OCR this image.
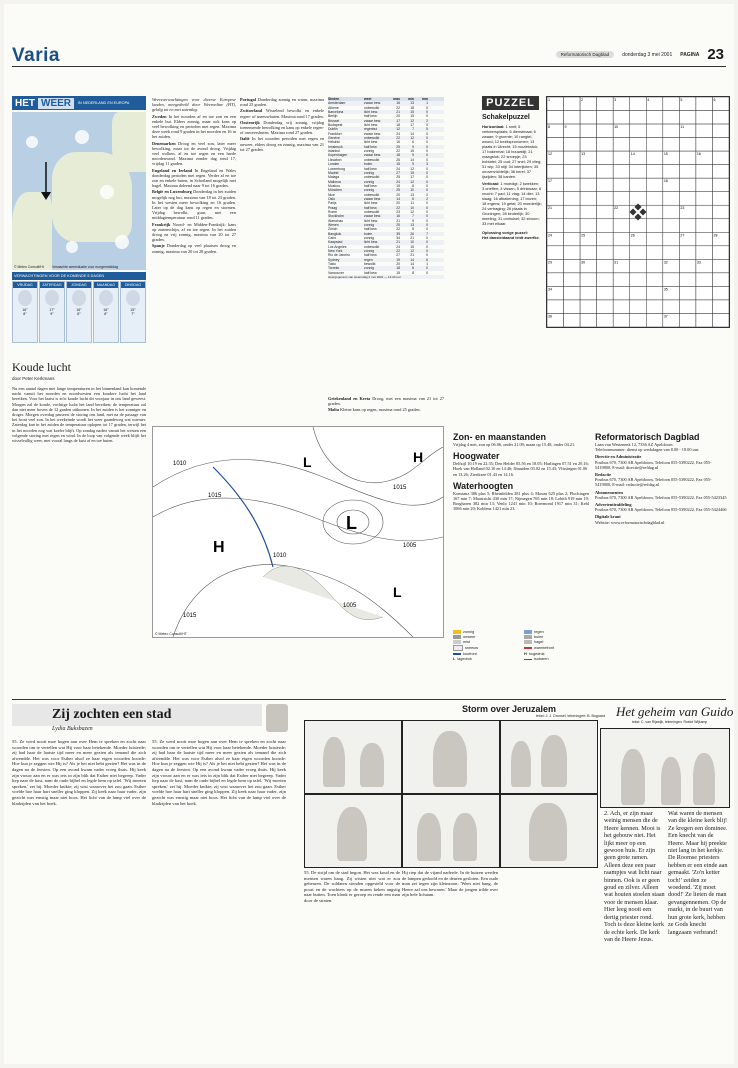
Varia	Reformatorisch Dagblad	donderdag 3 mei 2001 PAGINA 23
HET WEER	IN NEDERLAND EN EUROPA
© Meteo Consult/Ht Verwachte weersituatie voor morgenmiddag
VERWACHTINGEN VOOR DE KOMENDE 5 DAGEN
VRIJDAG
16°
8°
ZATERDAG
17°
9°
ZONDAG
16°
8°
MAANDAG
16°
8°
DINSDAG
15°
7°
Koude lucht
door Peter Kerkmans
Nu een aantal dagen met lange temperaturen in het binnenland kan komende nacht vanuit het noorden en noordwesten een koudere lucht het land bereiken. Voor het laatst is zo'n koude lucht dit voorjaar in ons land geweest. Morgen zal de koude, vochtige lucht het land bereiken; de temperatuur zal dan niet meer boven de 12 graden uitkomen. In het zuiden is het zonniger en droger. Morgen overdag passeert de storing ons land, met na de passage van het front veel zon. In het weekeinde wordt het weer gaandeweg wat warmer. Zaterdag kan in het zuiden de temperatuur oplopen tot 17 graden, terwijl het in het noorden nog wat koeler blijft. Op zondag nadert vanuit het westen een volgende storing met regen en wind. In de loop van volgende week blijft het wisselvallig weer, met vooral langs de kust af en toe buien.

Weersverwachtingen voor diverse Europese landen, meegedeeld door Weeronline (HT), geldig tot en met zaterdag.

Zweden In het noorden af en toe zon en een enkele bui. Elders zonnig, maar ook kans op veel bewolking en perioden met regen. Maxima deze week rond 9 graden in het noorden en 16 in het zuiden.

Denemarken Droog en veel zon, later meer bewolking, maar tot de avond droog. Vrijdag veel wolken, af en toe regen en een harde noordenwind. Maxima zonder dag rond 17, vrijdag 11 graden.

Engeland en Ierland In Engeland en Wales donderdag perioden met regen. Verder af en toe zon en enkele buien, in Schotland mogelijk met hagel. Maxima daleend naar 9 tot 16 graden.

België en Luxemburg Donderdag in het zuiden mogelijk nog bui, maxima van 18 tot 23 graden. In het westen meer bewolking en 16 graden. Later op de dag kans op regen en stormen. Vrijdag bewolkt, guur, met een middagtemperatuur rond 11 graden.

Frankrijk Noord- en Midden-Frankrijk: kans op zonneschijn, af en toe regen. In het zuiden droog en vrij zonnig, maxima van 20 tot 27 graden.

Spanje Donderdag op veel plaatsen droog en zonnig, maxima van 20 tot 28 graden.

Portugal Donderdag zonnig en warm, maxima rond 25 graden.

Zwitserland Wisselend bewolkt en enkele regen- of sneeuwbuien. Maxima rond 17 graden.

Oostenrijk Donderdag vrij zonnig, vrijdag toenemende bewolking en kans op enkele regen- of onweersbuien. Maxima rond 27 graden.

Italië In het noorden perioden met regen en onweer, elders droog en zonnig, maxima van 21 tot 27 graden.

Griekenland en Kreta Droog, met een maxima van 21 tot 27 graden.

Malta Kleine kans op regen, maxima rond 25 graden.

Steden	weer	max	min	mm
Amsterdam	zwaar bew.	16	13	1
Athene	onbewolkt	22	18	0
Barcelona	licht bew.	21	15	0
Berlijn	half bew.	20	15	0
Brussel	zwaar bew.	17	12	2
Budapest	licht bew.	18	17	0
Dublin	regenbui	12	7	5
Frankfort	zwaar bew.	24	14	0
Genève	onbewolkt	22	12	0
Helsinki	licht bew.	16	6	0
Innsbruck	half bew.	25	9	0
Istanbul	zonnig	22	15	0
Kopenhagen	zwaar bew.	18	9	0
Lissabon	onbewolkt	26	14	0
Londen	buien	15	9	3
Luxemburg	half bew.	24	12	0
Madrid	zonnig	27	15	0
Malaga	onbewolkt	25	17	0
Mallorca	zonnig	24	12	0
Moskou	half bew.	15	8	0
München	zonnig	25	10	0
Nice	onbewolkt	20	13	0
Oslo	zwaar bew.	14	6	2
Parijs	licht bew.	20	11	0
Praag	half bew.	22	10	0
Rome	onbewolkt	23	12	0
Stockholm	zwaar bew.	16	7	0
Warschau	licht bew.	21	9	0
Wenen	zonnig	25	13	0
Zürich	half bew.	22	8	0
Bangkok	buien	35	26	7
Cairo	zonnig	34	21	0
Kaapstad	licht bew.	21	10	0
Los Angeles	onbewolkt	24	15	0
New York	zonnig	22	12	0
Rio de Janeiro	half bew.	27	21	0
Sydney	regen	19	14	6
Tokio	bewolkt	20	14	1
Toronto	zonnig	18	6	0
Vancouver	half bew.	15	8	0
weergegevens van woensdag 2 mei 2001 — 14.00 uur
1010
1015
1015
1010
1005
1005
1015
L
L
L
H
H
© Meteo Consult/HT
PUZZEL
Schakelpuzzel
Horizontaal: 1 smit; 5 verkeersplaats; 6 dienstmaal; 6 zwaan; 9 groente; 10 rangtel-woord; 12 bezitspronomen; 13 plaats in Utrecht; 15 muziekstuk; 17 bakermat; 18 bouwstijl; 21 vraagstuk; 22 snoepje; 23 bobtafel; 25 oud; 27 snel; 29 vlieg; 31 wip; 33 stijl; 34 loterijloten; 35 onoverzichtelijk; 36 kerel; 37 ijszijden; 38 kanten.
Verticaal: 1 moedigt; 2 kwekken; 3 oneffen; 4 vissen; 5 drinkwaar; 6 vrucht; 7 pad; 11 vlag; 14 dier; 13 slaag; 16 afbakening; 17 boven; 18 ergens; 19 getal; 20 moederlijk; 24 vertraging; 26 plaats in Groningen; 28 kinderlijk; 30 meeting; 31 omhulsel; 32 stroom; 33 met elkaar.
Oplossing vorige puzzel:
Het dansleidaand leidt zwerfke.
1	2	3	4	5	6
8	9	10	11
12	13	14	15	16
17	18
21	22	23
24	25	26	27	28
29	30	31	32	33
34	35
36	37
Zon- en maanstanden
Vrijdag 4 mei, zon op 06.06, onder 21.09; maan op 15.48, onder 04.21.
Hoogwater
Delfzijl 10.19 en 22.35; Den Helder 05.56 en 18.05; Harlingen 07.51 en 20.16; Hoek van Holland 02.10 en 14.46; IJmuiden 03.02 en 15.43; Vlissingen 01.06 en 13.26; Zierikzee 01.43 en 14.16.
Waterhoogten
Konstanz 386 plus 5; Rheinfelden 281 plus 4; Maxau 625 plus 2; Plochingen 167 min 7; Maastricht 430 min 17; Nijmegen 765 min 18; Lobith 919 min 19; Borgharen 382 min 13; Venlo 1241 min 10; Roermond 1917 min 31; Kehl 1066 min 20; Koblenz 1421 min 23.
zonnig	regen
onweer	buien
mist	hagel
sneeuw	warmtefront
koufront	H hogedruk
L lagedruk	isobaren
Reformatorisch Dagblad
Laan van Westenenk 12, 7336 AZ Apeldoorn
Telefoonnummer: dienst op werkdagen van 8.00 - 18.00 uur.
Directie en Administratie
Postbus 670, 7300 AR Apeldoorn, Telefoon 055-5390222, Fax 055-5419800, E-mail: directie@refdag.nl
Redactie
Postbus 670, 7300 AR Apeldoorn, Telefoon 055-5390222, Fax 055-5419800, E-mail: redactie@refdag.nl
Abonnementen
Postbus 670, 7300 AR Apeldoorn, Telefoon 055-5390222, Fax 055-5423345
Advertentieafdeling
Postbus 670, 7300 AR Apeldoorn, Telefoon 055-5390222, Fax 055-5424466
Digitale krant
Website: www.reformatorischdagblad.nl
Zij zochten een stad
Lydia Buksbazen
55. Ze werd nooit moe hogen aan over Hem te spreken en zocht naar woorden om te vertellen wat Hij voor haar betekende. Moeder luisterde; zij had haar de laatste tijd meer en meer gezien als iemand die zich afwendde. Het was voor Esther alsof ze haar eigen woorden hoorde: Hoe kun je zeggen wie Hij is? Als je het niet hebt gezien? Het was in de dagen na de feesten. Op een avond kwam vader vroeg thuis. Hij keek zijn vrouw aan en er was iets in zijn blik dat Esther niet begreep. Vader liep naar de kast, nam de oude bijbel en legde hem op tafel. 'Wij moeten spreken,' zei hij. Moeder knikte; zij wist waarover het zou gaan. Esther voelde hoe haar hart sneller ging kloppen. Zij keek naar haar vader, zijn gezicht was ernstig maar niet boos. Het licht van de lamp viel over de bladzijden van het boek.
55. Ze werd nooit moe hogen aan over Hem te spreken en zocht naar woorden om te vertellen wat Hij voor haar betekende. Moeder luisterde; zij had haar de laatste tijd meer en meer gezien als iemand die zich afwendde. Het was voor Esther alsof ze haar eigen woorden hoorde: Hoe kun je zeggen wie Hij is? Als je het niet hebt gezien? Het was in de dagen na de feesten. Op een avond kwam vader vroeg thuis. Hij keek zijn vrouw aan en er was iets in zijn blik dat Esther niet begreep. Vader liep naar de kast, nam de oude bijbel en legde hem op tafel. 'Wij moeten spreken,' zei hij. Moeder knikte; zij wist waarover het zou gaan. Esther voelde hoe haar hart sneller ging kloppen. Zij keek naar haar vader, zijn gezicht was ernstig maar niet boos. Het licht van de lamp viel over de bladzijden van het boek.
Storm over Jeruzalem
tekst: J. J. Dronsel, tekeningen: B. Boguard
55. De strijd om de stad begon. Het was koud en de mensen waren bang. Zij wisten niet wat er zou gebeuren. De soldaten stonden opgesteld voor de poort en de wachters op de muren keken angstig naar buiten. Toen klonk er geroep en rende een man door de straten.
Hij riep dat de vijand naderde. In de huizen werden de lampen gedoofd en de deuren gesloten. Een oude man zei tegen zijn kleinzoon: 'Wees niet bang, de Heere zal ons bewaren.' Maar de jongen trilde over zijn hele lichaam.
Het geheim van Guido
tekst: C. van Rijswijk, tekeningen: Roelof Wijkamp
2. Ach, er zijn maar weinig mensen die de Heere kennen. Mooi is het gebouw niet. Het lijkt meer op een gewoon huis. Er zijn geen grote ramen. Alleen deze een paar raampjes wat licht naar binnen. Ook is er geen goud en zilver. Alleen wat houten stoelen staan voor de mensen klaar. Hier leeg nooit een dertig priester rond. Toch is deze kleine kerk de echte kerk. De kerk van de Heere Jezus.
Wat waren de mensen van die kleine kerk blij! Ze kregen een dominee. Een knecht van de Heere. Maar hij preekte niet lang in het kerkje. De Roomse priesters hebben er een einde aan gemaakt. 'Zo'n ketter toch!' zeiden ze woedend. 'Zij moet dood!' Ze lieten de man gevangennemen. Op de markt, in de buurt van hun grote kerk, hebben ze Gods knecht langzaam verbrand!
